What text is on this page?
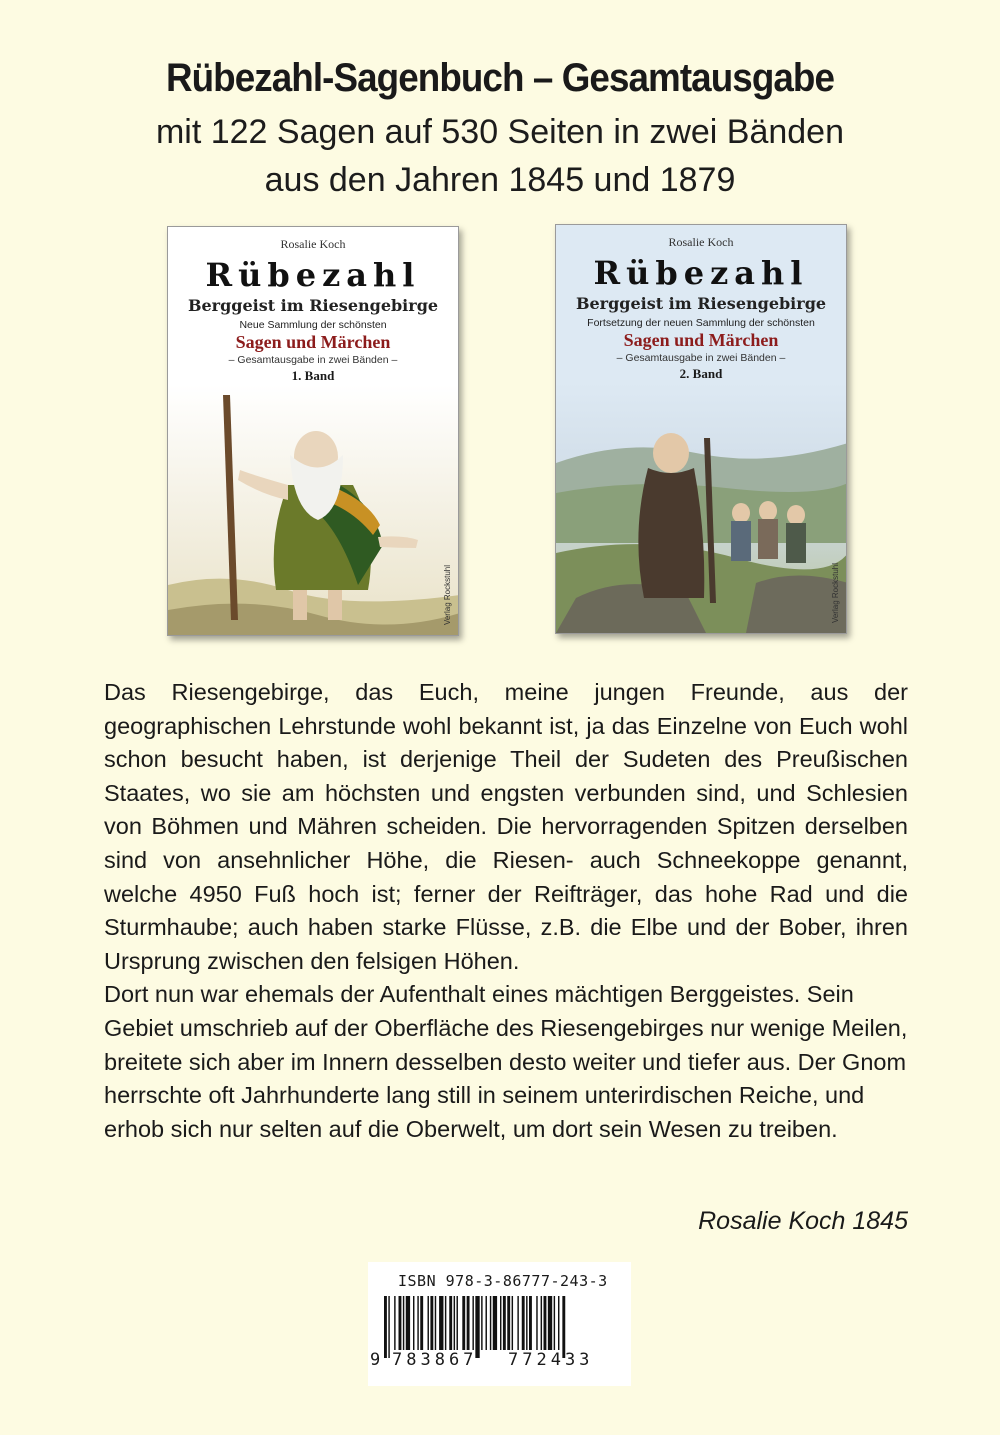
Rübezahl-Sagenbuch – Gesamtausgabe
mit 122 Sagen auf 530 Seiten in zwei Bänden
aus den Jahren 1845 und 1879
Rosalie Koch
Rübezahl
Berggeist im Riesengebirge
Neue Sammlung der schönsten
Sagen und Märchen
– Gesamtausgabe in zwei Bänden –
1. Band
Verlag Rockstuhl
Rosalie Koch
Rübezahl
Berggeist im Riesengebirge
Fortsetzung der neuen Sammlung der schönsten
Sagen und Märchen
– Gesamtausgabe in zwei Bänden –
2. Band
Verlag Rockstuhl

Das Riesengebirge, das Euch, meine jungen Freunde, aus der geographischen Lehrstunde wohl bekannt ist, ja das Einzelne von Euch wohl schon besucht haben, ist derjenige Theil der Sudeten des Preußischen Staates, wo sie am höchsten und engsten verbunden sind, und Schlesien von Böhmen und Mähren scheiden. Die hervorragenden Spitzen derselben sind von ansehnlicher Höhe, die Riesen- auch Schneekoppe genannt, welche 4950 Fuß hoch ist; ferner der Reifträger, das hohe Rad und die Sturmhaube; auch haben starke Flüsse, z.B. die Elbe und der Bober, ihren Ursprung zwischen den felsigen Höhen.

Dort nun war ehemals der Aufenthalt eines mächtigen Berggeistes. Sein Gebiet umschrieb auf der Oberfläche des Riesengebirges nur wenige Meilen, breitete sich aber im Innern desselben desto weiter und tiefer aus. Der Gnom herrschte oft Jahrhunderte lang still in seinem unterirdischen Reiche, und erhob sich nur selten auf die Oberwelt, um dort sein Wesen zu treiben.

Rosalie Koch 1845
ISBN 978-3-86777-243-3
9 783867 772433
